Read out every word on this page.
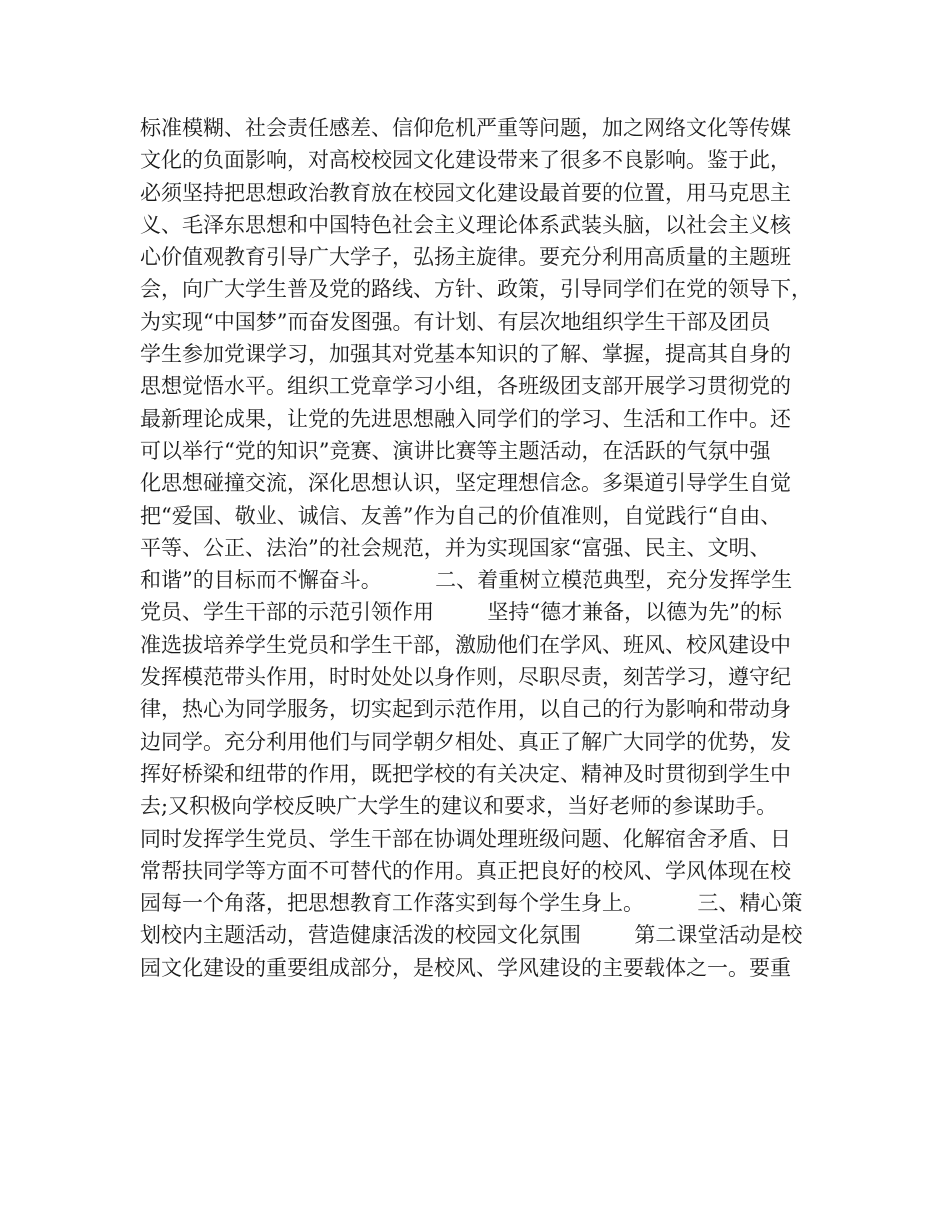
标准模糊、社会责任感差、信仰危机严重等问题，加之网络文化等传媒
文化的负面影响，对高校校园文化建设带来了很多不良影响。鉴于此，
必须坚持把思想政治教育放在校园文化建设最首要的位置，用马克思主
义、毛泽东思想和中国特色社会主义理论体系武装头脑，以社会主义核
心价值观教育引导广大学子，弘扬主旋律。要充分利用高质量的主题班
会，向广大学生普及党的路线、方针、政策，引导同学们在党的领导下，
为实现“中国梦”而奋发图强。有计划、有层次地组织学生干部及团员
学生参加党课学习，加强其对党基本知识的了解、掌握，提高其自身的
思想觉悟水平。组织工党章学习小组，各班级团支部开展学习贯彻党的
最新理论成果，让党的先进思想融入同学们的学习、生活和工作中。还
可以举行“党的知识”竞赛、演讲比赛等主题活动，在活跃的气氛中强
化思想碰撞交流，深化思想认识，坚定理想信念。多渠道引导学生自觉
把“爱国、敬业、诚信、友善”作为自己的价值准则，自觉践行“自由、
平等、公正、法治”的社会规范，并为实现国家“富强、民主、文明、
和谐”的目标而不懈奋斗。        二、着重树立模范典型，充分发挥学生
党员、学生干部的示范引领作用        坚持“德才兼备，以德为先”的标
准选拔培养学生党员和学生干部，激励他们在学风、班风、校风建设中
发挥模范带头作用，时时处处以身作则，尽职尽责，刻苦学习，遵守纪
律，热心为同学服务，切实起到示范作用，以自己的行为影响和带动身
边同学。充分利用他们与同学朝夕相处、真正了解广大同学的优势，发
挥好桥梁和纽带的作用，既把学校的有关决定、精神及时贯彻到学生中
去;又积极向学校反映广大学生的建议和要求，当好老师的参谋助手。
同时发挥学生党员、学生干部在协调处理班级问题、化解宿舍矛盾、日
常帮扶同学等方面不可替代的作用。真正把良好的校风、学风体现在校
园每一个角落，把思想教育工作落实到每个学生身上。        三、精心策
划校内主题活动，营造健康活泼的校园文化氛围        第二课堂活动是校
园文化建设的重要组成部分，是校风、学风建设的主要载体之一。要重
